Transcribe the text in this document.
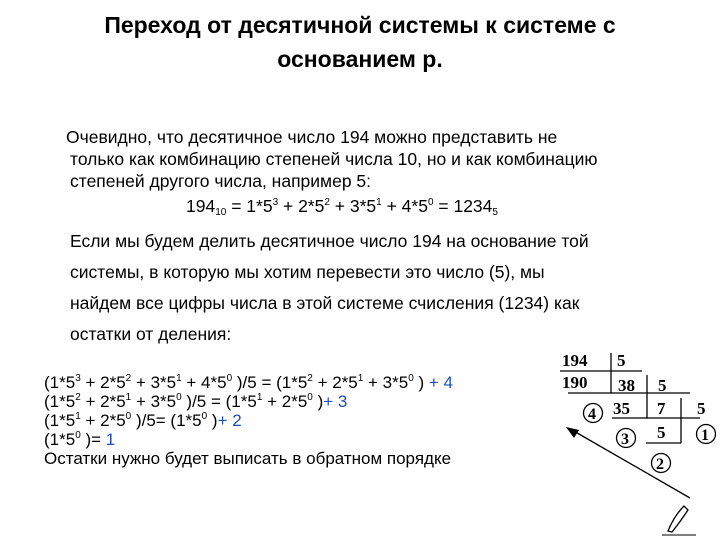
Переход от десятичной системы к системе с
основанием р.
Очевидно, что десятичное число 194 можно представить не
только как комбинацию степеней числа 10, но и как комбинацию
степеней другого числа, например 5:
$194_{10} = 1*5^3 + 2*5^2 + 3*5^1 + 4*5^0 = 1234_5$
Если мы будем делить десятичное число 194 на основание той
системы, в которую мы хотим перевести это число (5), мы
найдем все цифры числа в этой системе счисления (1234) как
остатки от деления:
($1*5^3 + 2*5^2 + 3*5^1 + 4*5^0$ )$/5 = (1*5^2 + 2*5^1 + 3*5^0$ ) + 4
($1*5^2 + 2*5^1 + 3*5^0$ )$/5 = (1*5^1 + 2*5^0$ )+ 3
($1*5^1 + 2*5^0$ )$/5= (1*5^0$ )+ 2
($1*5^0$ )= 1
Остатки нужно будет выписать в обратном порядке
194 5
190 38 5
4 35 7 5
3 5 1
2
